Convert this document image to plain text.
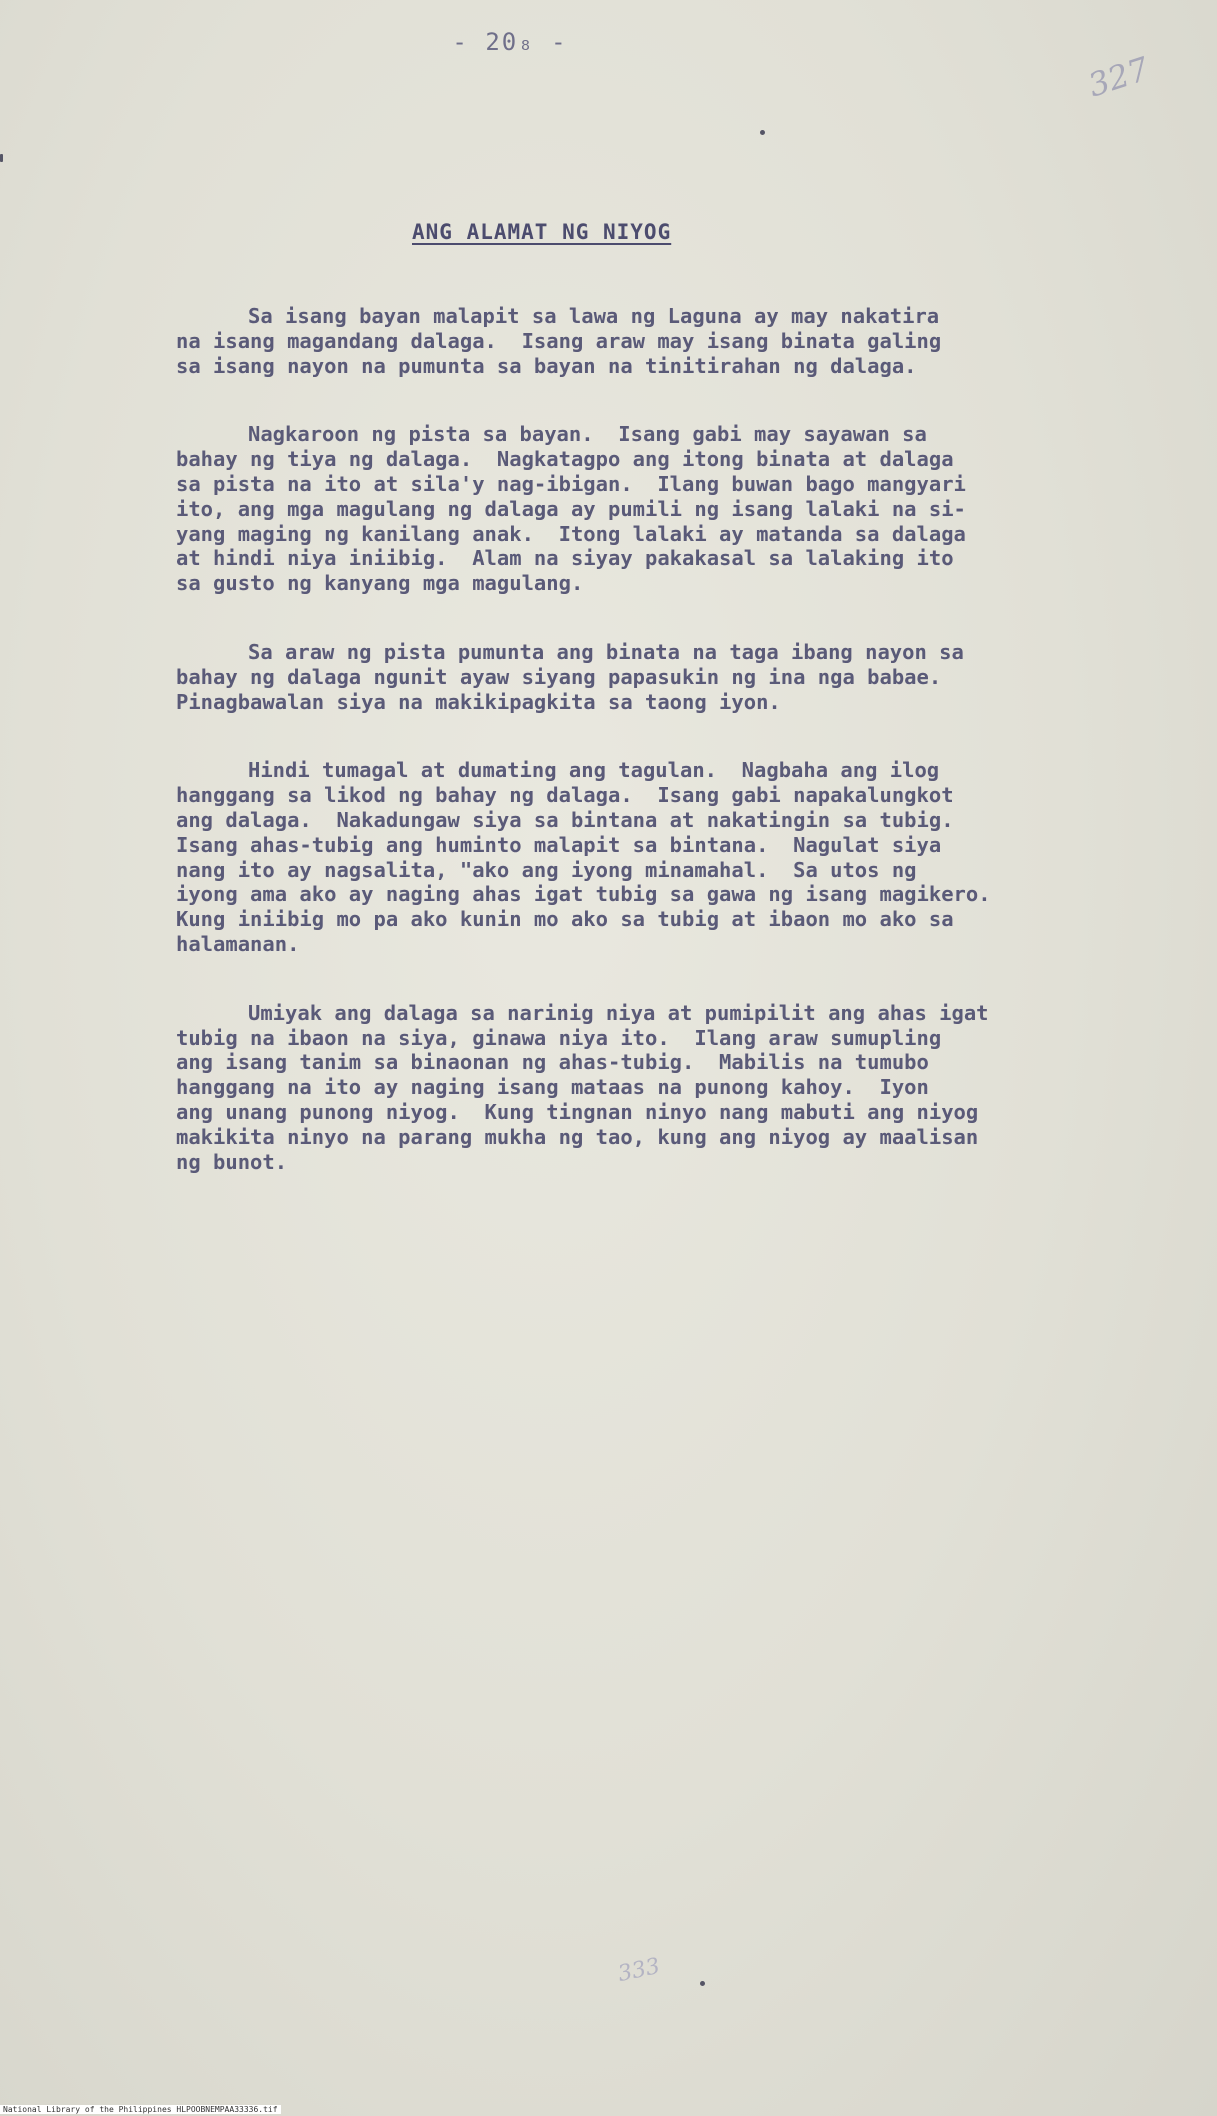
- 20₈ -
327
ANG ALAMAT NG NIYOG

Sa isang bayan malapit sa lawa ng Laguna ay may nakatira
na isang magandang dalaga.  Isang araw may isang binata galing
sa isang nayon na pumunta sa bayan na tinitirahan ng dalaga.

Nagkaroon ng pista sa bayan.  Isang gabi may sayawan sa
bahay ng tiya ng dalaga.  Nagkatagpo ang itong binata at dalaga
sa pista na ito at sila'y nag-ibigan.  Ilang buwan bago mangyari
ito, ang mga magulang ng dalaga ay pumili ng isang lalaki na si-
yang maging ng kanilang anak.  Itong lalaki ay matanda sa dalaga
at hindi niya iniibig.  Alam na siyay pakakasal sa lalaking ito
sa gusto ng kanyang mga magulang.

Sa araw ng pista pumunta ang binata na taga ibang nayon sa
bahay ng dalaga ngunit ayaw siyang papasukin ng ina nga babae.
Pinagbawalan siya na makikipagkita sa taong iyon.

Hindi tumagal at dumating ang tagulan.  Nagbaha ang ilog
hanggang sa likod ng bahay ng dalaga.  Isang gabi napakalungkot
ang dalaga.  Nakadungaw siya sa bintana at nakatingin sa tubig.
Isang ahas-tubig ang huminto malapit sa bintana.  Nagulat siya
nang ito ay nagsalita, "ako ang iyong minamahal.  Sa utos ng
iyong ama ako ay naging ahas igat tubig sa gawa ng isang magikero.
Kung iniibig mo pa ako kunin mo ako sa tubig at ibaon mo ako sa
halamanan.

Umiyak ang dalaga sa narinig niya at pumipilit ang ahas igat
tubig na ibaon na siya, ginawa niya ito.  Ilang araw sumupling
ang isang tanim sa binaonan ng ahas-tubig.  Mabilis na tumubo
hanggang na ito ay naging isang mataas na punong kahoy.  Iyon
ang unang punong niyog.  Kung tingnan ninyo nang mabuti ang niyog
makikita ninyo na parang mukha ng tao, kung ang niyog ay maalisan
ng bunot.

333
National Library of the Philippines HLPOOBNEMPAA33336.tif
